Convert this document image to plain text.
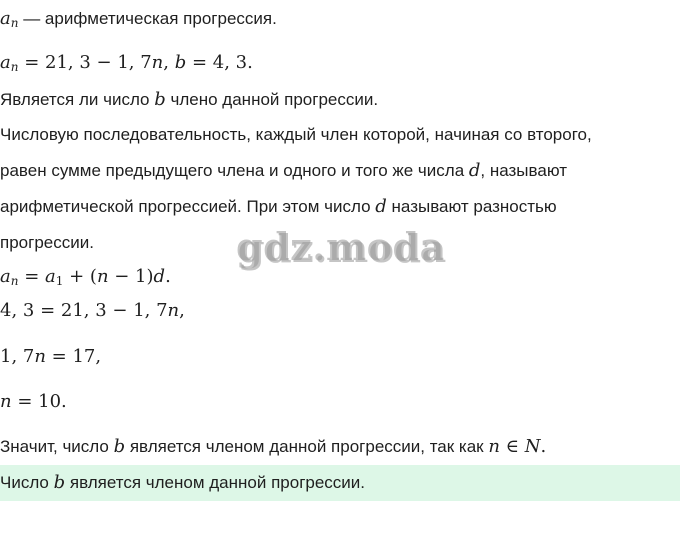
gdz.moda
$a_n$ — арифметическая прогрессия.
$a_n = 21$, 3 − 1, 7n, b = 4, 3.
Является ли число b члено данной прогрессии.
Числовую последовательность, каждый член которой, начиная со второго,
равен сумме предыдущего члена и одного и того же числа d, называют
арифметической прогрессией. При этом число d называют разностью
прогрессии.
$a_n = a_1 + (n - 1)d$.
4, 3 = 21, 3 − 1, 7n,
1, 7n = 17,
n = 10.
Значит, число b является членом данной прогрессии, так как n ∈ N.
Число b является членом данной прогрессии.
